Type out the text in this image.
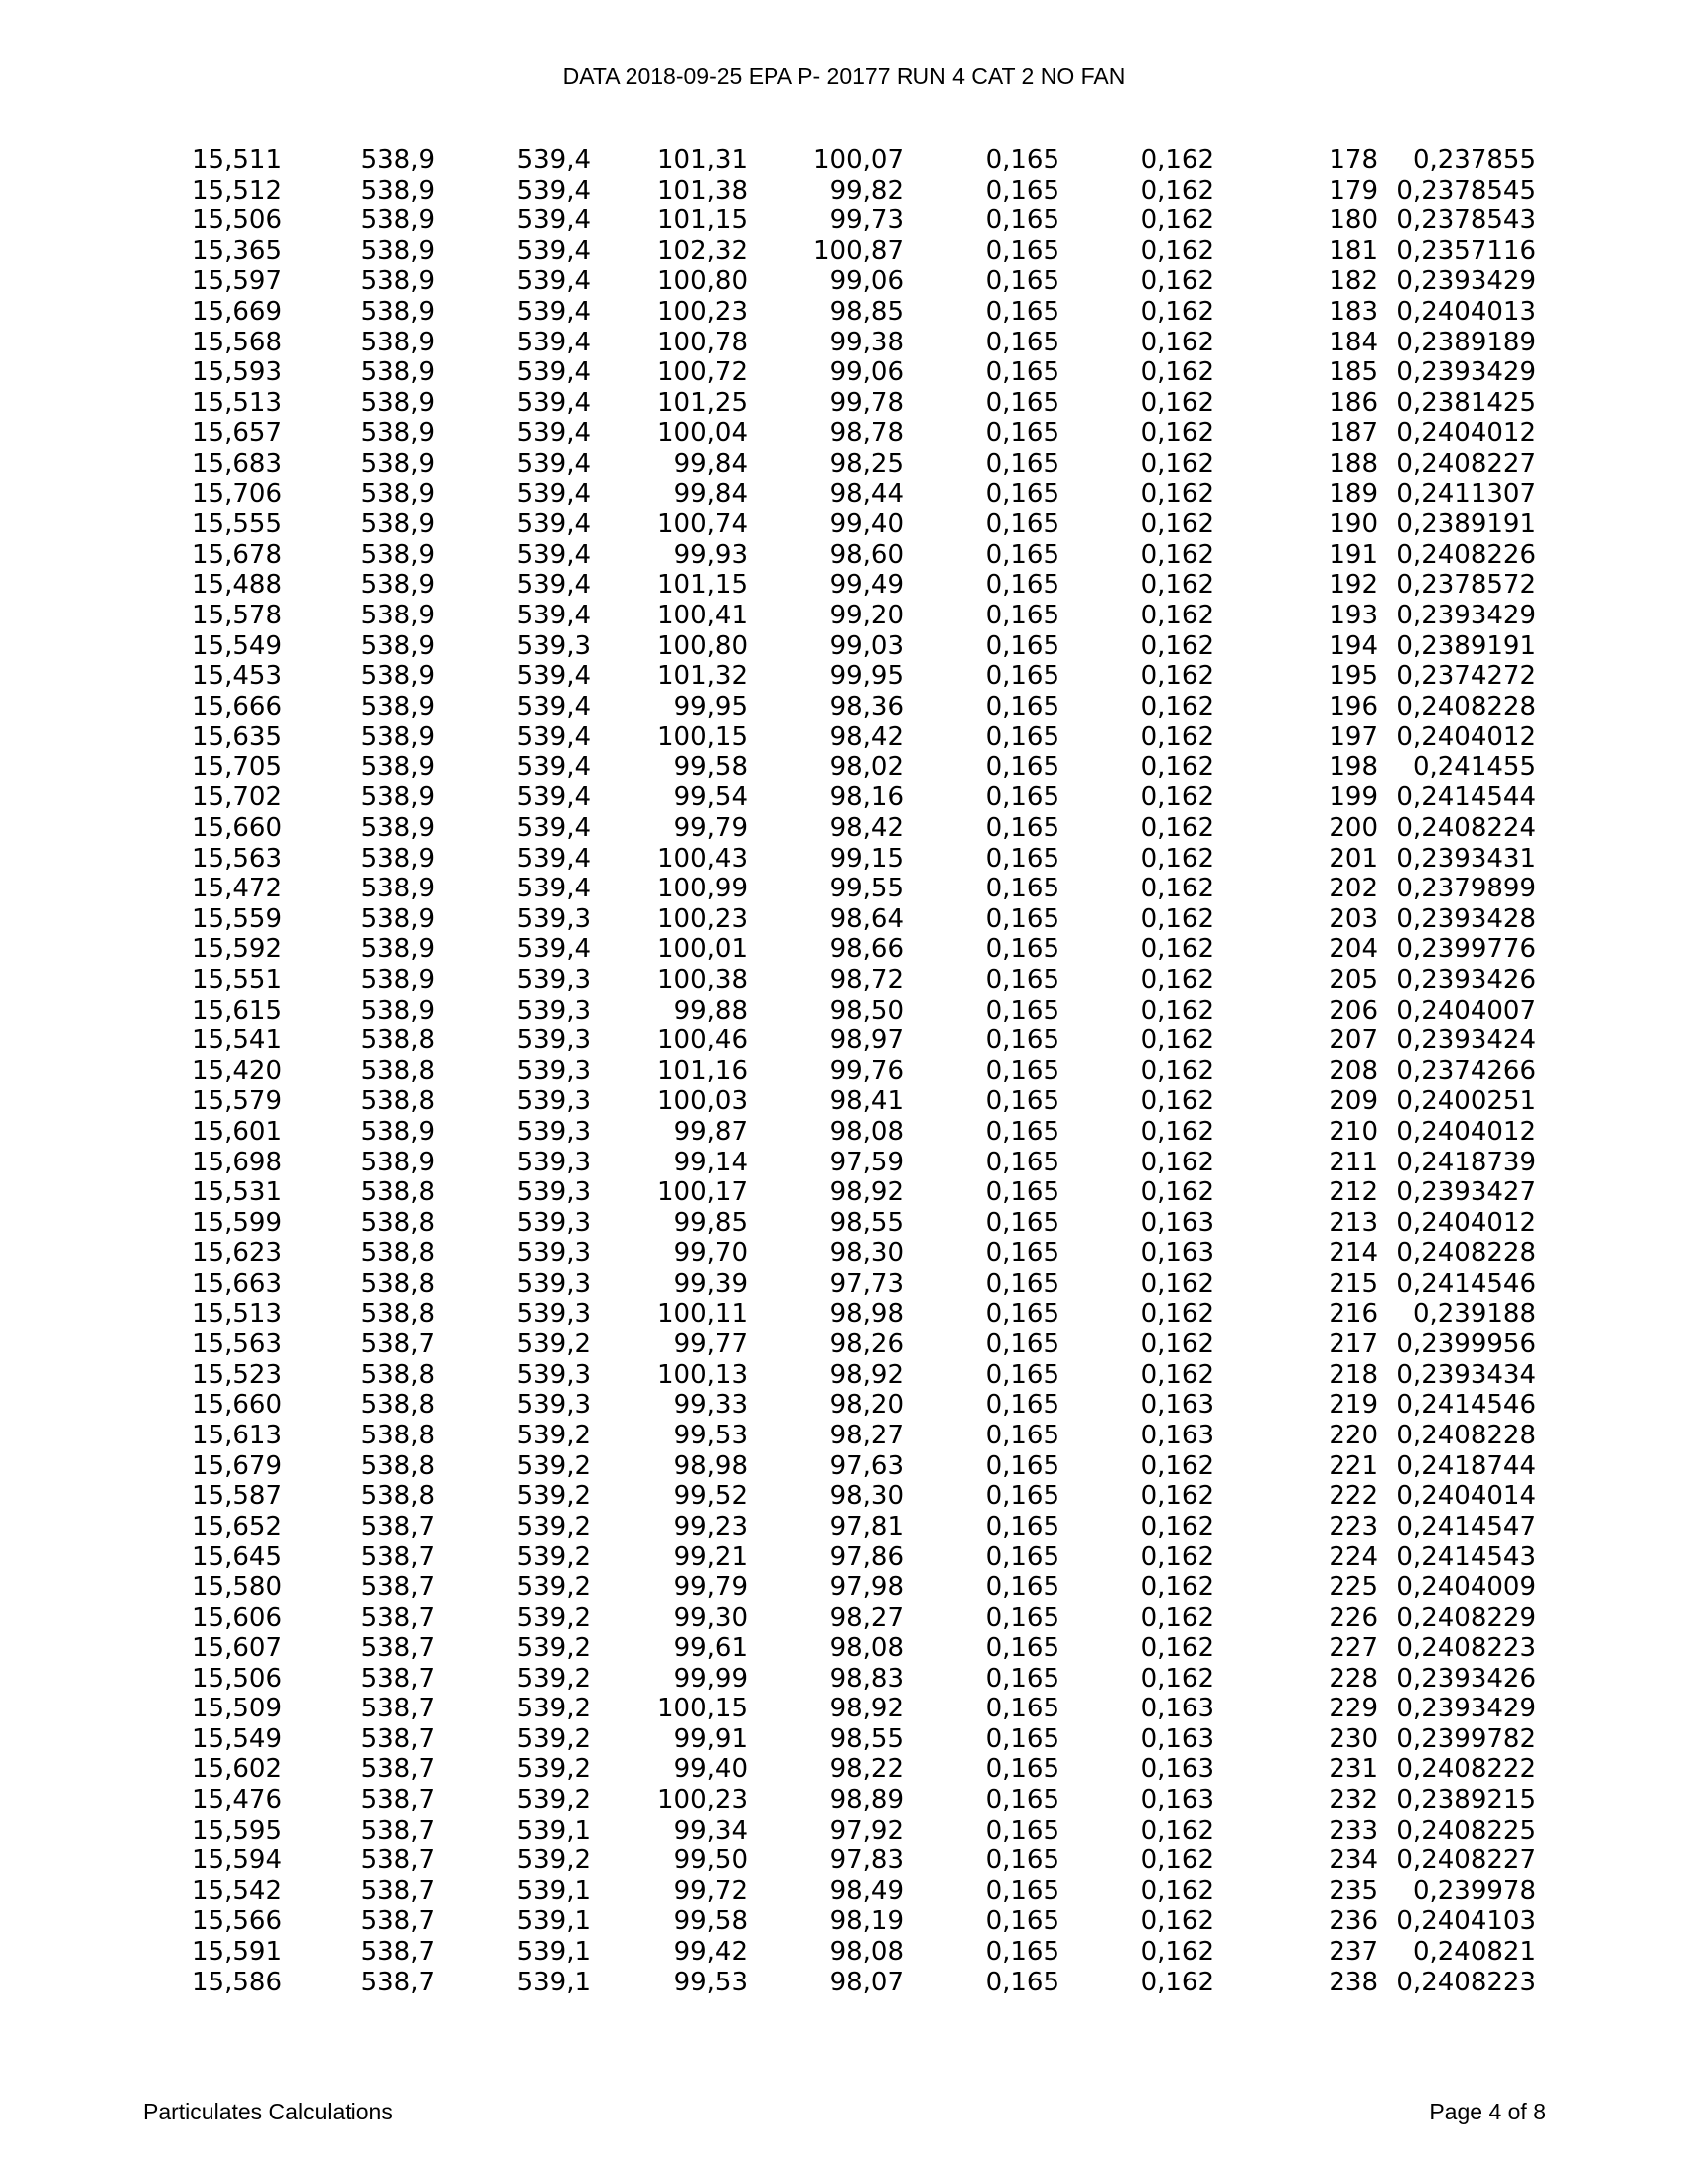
DATA 2018-09-25 EPA P- 20177 RUN 4 CAT 2 NO FAN
15,511	538,9	539,4	101,31	100,07	0,165	0,162	178 0,237855
15,512	538,9	539,4	101,38	99,82	0,165	0,162	179 0,2378545
15,506	538,9	539,4	101,15	99,73	0,165	0,162	180 0,2378543
15,365	538,9	539,4	102,32	100,87	0,165	0,162	181 0,2357116
15,597	538,9	539,4	100,80	99,06	0,165	0,162	182 0,2393429
15,669	538,9	539,4	100,23	98,85	0,165	0,162	183 0,2404013
15,568	538,9	539,4	100,78	99,38	0,165	0,162	184 0,2389189
15,593	538,9	539,4	100,72	99,06	0,165	0,162	185 0,2393429
15,513	538,9	539,4	101,25	99,78	0,165	0,162	186 0,2381425
15,657	538,9	539,4	100,04	98,78	0,165	0,162	187 0,2404012
15,683	538,9	539,4	99,84	98,25	0,165	0,162	188 0,2408227
15,706	538,9	539,4	99,84	98,44	0,165	0,162	189 0,2411307
15,555	538,9	539,4	100,74	99,40	0,165	0,162	190 0,2389191
15,678	538,9	539,4	99,93	98,60	0,165	0,162	191 0,2408226
15,488	538,9	539,4	101,15	99,49	0,165	0,162	192 0,2378572
15,578	538,9	539,4	100,41	99,20	0,165	0,162	193 0,2393429
15,549	538,9	539,3	100,80	99,03	0,165	0,162	194 0,2389191
15,453	538,9	539,4	101,32	99,95	0,165	0,162	195 0,2374272
15,666	538,9	539,4	99,95	98,36	0,165	0,162	196 0,2408228
15,635	538,9	539,4	100,15	98,42	0,165	0,162	197 0,2404012
15,705	538,9	539,4	99,58	98,02	0,165	0,162	198 0,241455
15,702	538,9	539,4	99,54	98,16	0,165	0,162	199 0,2414544
15,660	538,9	539,4	99,79	98,42	0,165	0,162	200 0,2408224
15,563	538,9	539,4	100,43	99,15	0,165	0,162	201 0,2393431
15,472	538,9	539,4	100,99	99,55	0,165	0,162	202 0,2379899
15,559	538,9	539,3	100,23	98,64	0,165	0,162	203 0,2393428
15,592	538,9	539,4	100,01	98,66	0,165	0,162	204 0,2399776
15,551	538,9	539,3	100,38	98,72	0,165	0,162	205 0,2393426
15,615	538,9	539,3	99,88	98,50	0,165	0,162	206 0,2404007
15,541	538,8	539,3	100,46	98,97	0,165	0,162	207 0,2393424
15,420	538,8	539,3	101,16	99,76	0,165	0,162	208 0,2374266
15,579	538,8	539,3	100,03	98,41	0,165	0,162	209 0,2400251
15,601	538,9	539,3	99,87	98,08	0,165	0,162	210 0,2404012
15,698	538,9	539,3	99,14	97,59	0,165	0,162	211 0,2418739
15,531	538,8	539,3	100,17	98,92	0,165	0,162	212 0,2393427
15,599	538,8	539,3	99,85	98,55	0,165	0,163	213 0,2404012
15,623	538,8	539,3	99,70	98,30	0,165	0,163	214 0,2408228
15,663	538,8	539,3	99,39	97,73	0,165	0,162	215 0,2414546
15,513	538,8	539,3	100,11	98,98	0,165	0,162	216 0,239188
15,563	538,7	539,2	99,77	98,26	0,165	0,162	217 0,2399956
15,523	538,8	539,3	100,13	98,92	0,165	0,162	218 0,2393434
15,660	538,8	539,3	99,33	98,20	0,165	0,163	219 0,2414546
15,613	538,8	539,2	99,53	98,27	0,165	0,163	220 0,2408228
15,679	538,8	539,2	98,98	97,63	0,165	0,162	221 0,2418744
15,587	538,8	539,2	99,52	98,30	0,165	0,162	222 0,2404014
15,652	538,7	539,2	99,23	97,81	0,165	0,162	223 0,2414547
15,645	538,7	539,2	99,21	97,86	0,165	0,162	224 0,2414543
15,580	538,7	539,2	99,79	97,98	0,165	0,162	225 0,2404009
15,606	538,7	539,2	99,30	98,27	0,165	0,162	226 0,2408229
15,607	538,7	539,2	99,61	98,08	0,165	0,162	227 0,2408223
15,506	538,7	539,2	99,99	98,83	0,165	0,162	228 0,2393426
15,509	538,7	539,2	100,15	98,92	0,165	0,163	229 0,2393429
15,549	538,7	539,2	99,91	98,55	0,165	0,163	230 0,2399782
15,602	538,7	539,2	99,40	98,22	0,165	0,163	231 0,2408222
15,476	538,7	539,2	100,23	98,89	0,165	0,163	232 0,2389215
15,595	538,7	539,1	99,34	97,92	0,165	0,162	233 0,2408225
15,594	538,7	539,2	99,50	97,83	0,165	0,162	234 0,2408227
15,542	538,7	539,1	99,72	98,49	0,165	0,162	235 0,239978
15,566	538,7	539,1	99,58	98,19	0,165	0,162	236 0,2404103
15,591	538,7	539,1	99,42	98,08	0,165	0,162	237 0,240821
15,586	538,7	539,1	99,53	98,07	0,165	0,162	238 0,2408223
Particulates Calculations	Page 4 of 8
